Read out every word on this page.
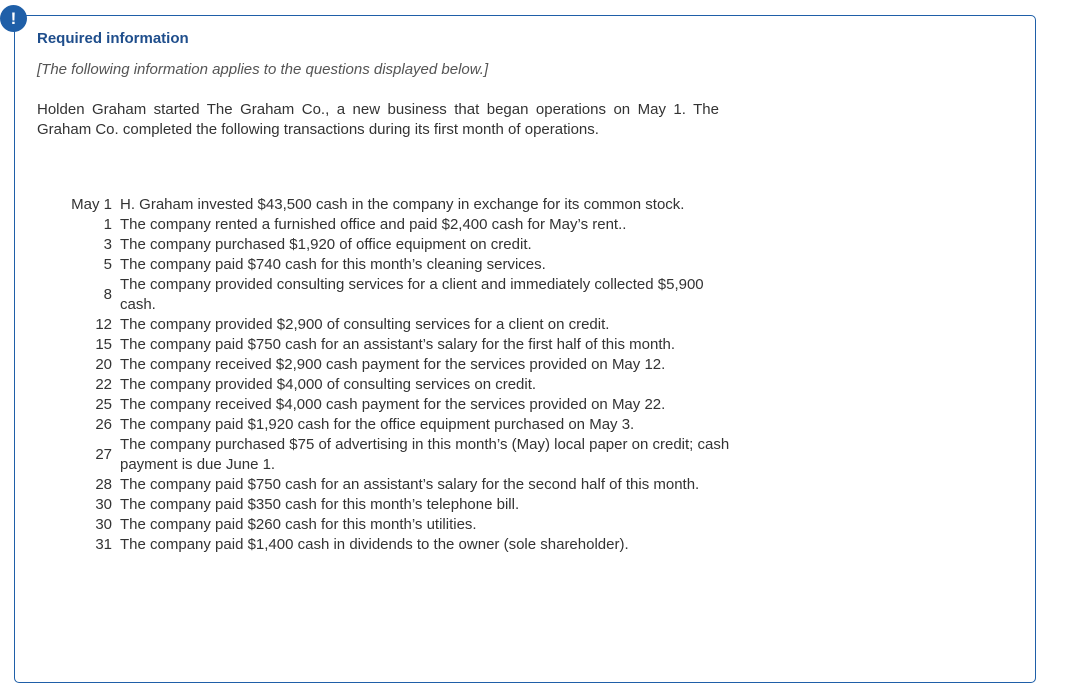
!
Required information

[The following information applies to the questions displayed below.]

Holden Graham started The Graham Co., a new business that began operations on May 1. The Graham Co. completed the following transactions during its first month of operations.

May 1	H. Graham invested $43,500 cash in the company in exchange for its common stock.
1	The company rented a furnished office and paid $2,400 cash for May’s rent..
3	The company purchased $1,920 of office equipment on credit.
5	The company paid $740 cash for this month’s cleaning services.
8	The company provided consulting services for a client and immediately collected $5,900 cash.
12	The company provided $2,900 of consulting services for a client on credit.
15	The company paid $750 cash for an assistant’s salary for the first half of this month.
20	The company received $2,900 cash payment for the services provided on May 12.
22	The company provided $4,000 of consulting services on credit.
25	The company received $4,000 cash payment for the services provided on May 22.
26	The company paid $1,920 cash for the office equipment purchased on May 3.
27	The company purchased $75 of advertising in this month’s (May) local paper on credit; cash payment is due June 1.
28	The company paid $750 cash for an assistant’s salary for the second half of this month.
30	The company paid $350 cash for this month’s telephone bill.
30	The company paid $260 cash for this month’s utilities.
31	The company paid $1,400 cash in dividends to the owner (sole shareholder).
